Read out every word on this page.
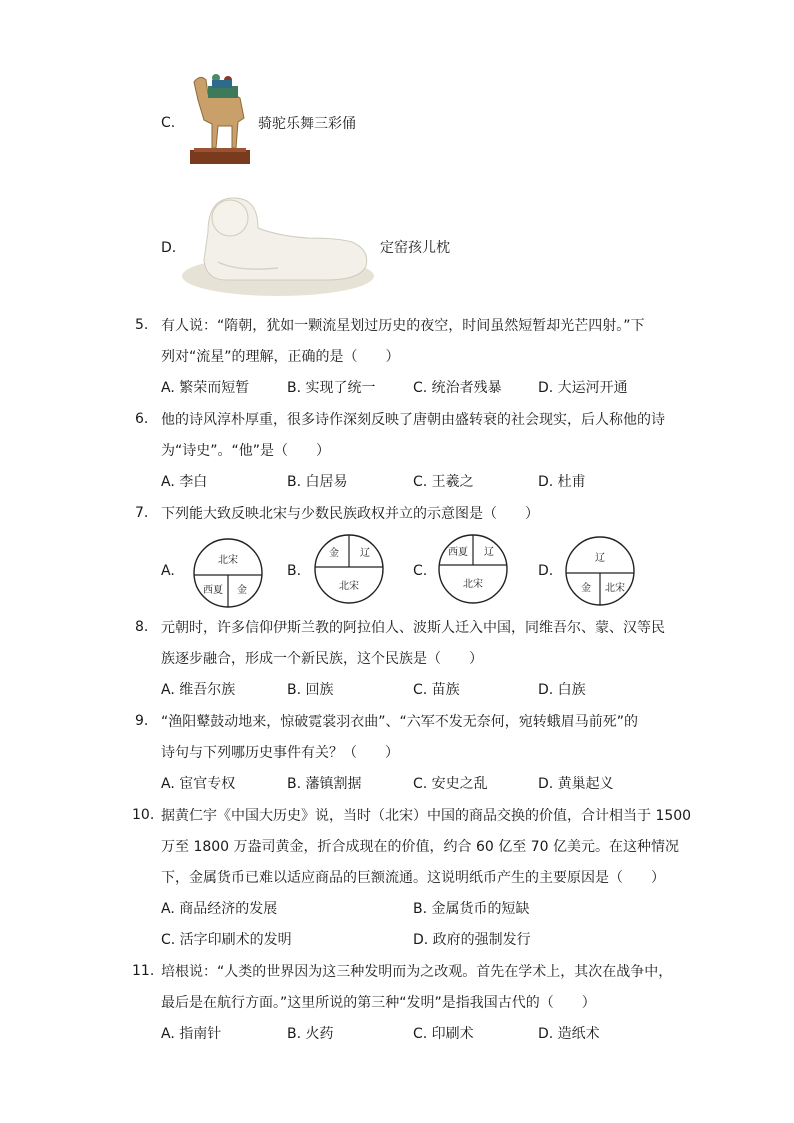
C.	骑驼乐舞三彩俑
D.	定窑孩儿枕
5. 有人说：“隋朝，犹如一颗流星划过历史的夜空，时间虽然短暂却光芒四射。”下
列对“流星”的理解，正确的是（　　）
A. 繁荣而短暂	B. 实现了统一	C. 统治者残暴	D. 大运河开通
6. 他的诗风淳朴厚重，很多诗作深刻反映了唐朝由盛转衰的社会现实，后人称他的诗
为“诗史”。“他”是（　　）
A. 李白	B. 白居易	C. 王羲之	D. 杜甫
7. 下列能大致反映北宋与少数民族政权并立的示意图是（　　）
A.
北宋
西夏 金
B.
金 辽
北宋
C.
西夏 辽
北宋
D.
辽
金 北宋
8. 元朝时，许多信仰伊斯兰教的阿拉伯人、波斯人迁入中国，同维吾尔、蒙、汉等民
族逐步融合，形成一个新民族，这个民族是（　　）
A. 维吾尔族	B. 回族	C. 苗族	D. 白族
9. “渔阳鼙鼓动地来，惊破霓裳羽衣曲”、“六军不发无奈何，宛转蛾眉马前死”的
诗句与下列哪历史事件有关？（　　）
A. 宦官专权	B. 藩镇割据	C. 安史之乱	D. 黄巢起义
10. 据黄仁宇《中国大历史》说，当时（北宋）中国的商品交换的价值，合计相当于 1500
万至 1800 万盎司黄金，折合成现在的价值，约合 60 亿至 70 亿美元。在这种情况
下，金属货币已难以适应商品的巨额流通。这说明纸币产生的主要原因是（　　）
A. 商品经济的发展	B. 金属货币的短缺
C. 活字印刷术的发明	D. 政府的强制发行
11. 培根说：“人类的世界因为这三种发明而为之改观。首先在学术上，其次在战争中，
最后是在航行方面。”这里所说的第三种“发明”是指我国古代的（　　）
A. 指南针	B. 火药	C. 印刷术	D. 造纸术
